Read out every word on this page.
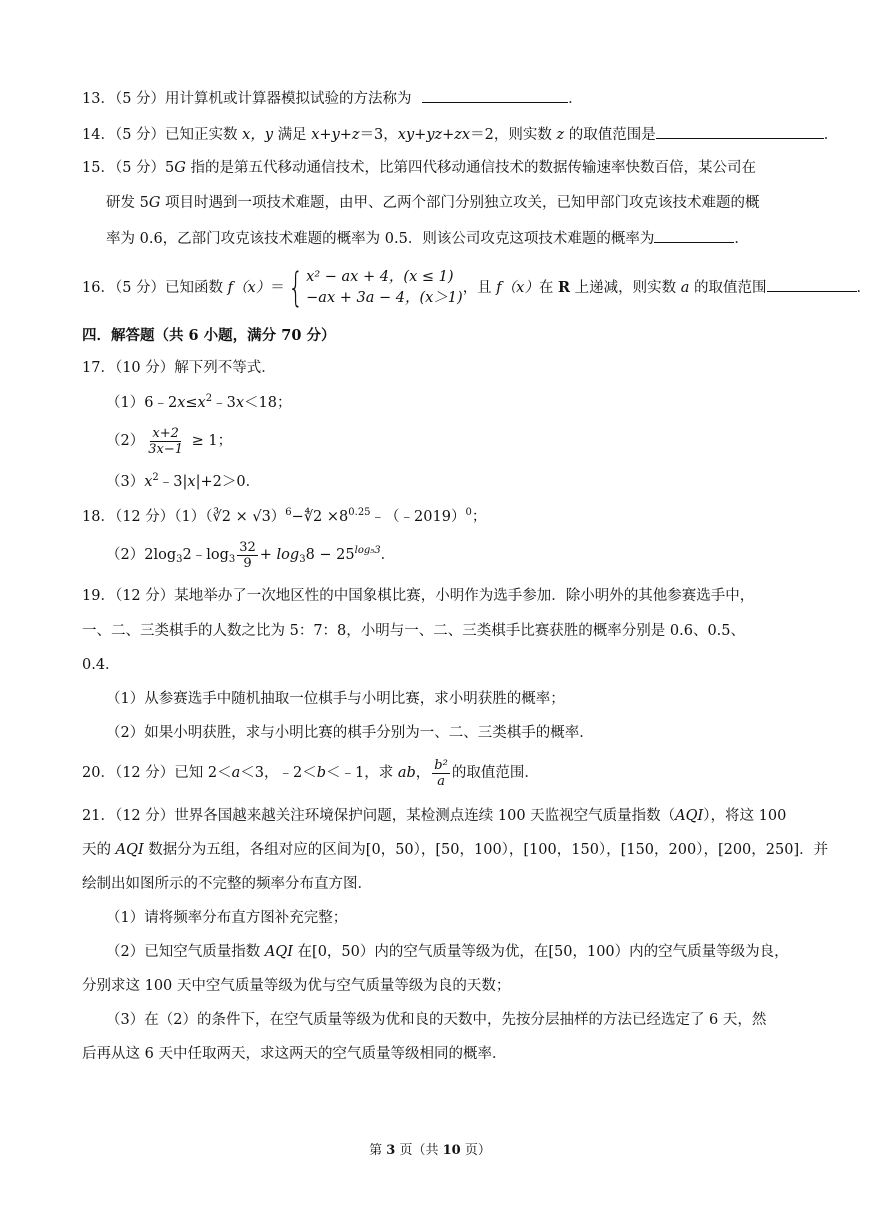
13．（5 分）用计算机或计算器模拟试验的方法称为	．
14．（5 分）已知正实数 x，y 满足 x+y+z＝3，xy+yz+zx＝2，则实数 z 的取值范围是	．
15．（5 分）5G 指的是第五代移动通信技术，比第四代移动通信技术的数据传输速率快数百倍，某公司在
研发 5G 项目时遇到一项技术难题，由甲、乙两个部门分别独立攻关，已知甲部门攻克该技术难题的概
率为 0.6，乙部门攻克该技术难题的概率为 0.5．则该公司攻克这项技术难题的概率为	．
16．（5 分）已知函数 f（x）＝{ x² − ax + 4，(x ≤ 1)
−ax + 3a − 4，(x＞1)
，且 f（x）在 R 上递减，则实数 a 的取值范围	．
四．解答题（共 6 小题，满分 70 分）
17．（10 分）解下列不等式．
$(1)6﹣2x\le x^2﹣3x<18$；
$(2) \frac{x+2}{3x-1} \ge 1$；
$(3)x^2﹣3|x|+2>0$．
18．（12 分）（1）（∛2 × √3）$^6$−∜2 $\times 8^{0.25}﹣(﹣2019)^0$；
$(2)2\log_32﹣\log_3 \frac{32}{9} + \log_38 - 25^{log_53}$．
19．（12 分）某地举办了一次地区性的中国象棋比赛，小明作为选手参加．除小明外的其他参赛选手中，
一、二、三类棋手的人数之比为 5：7：8，小明与一、二、三类棋手比赛获胜的概率分别是 0.6、0.5、
0.4．
（1）从参赛选手中随机抽取一位棋手与小明比赛，求小明获胜的概率；
（2）如果小明获胜，求与小明比赛的棋手分别为一、二、三类棋手的概率．
20．（12 分）已知 2＜a＜3，﹣2＜b＜﹣1，求 ab， $\frac{\text{b²}}{a}$ 的取值范围．
21．（12 分）世界各国越来越关注环境保护问题，某检测点连续 100 天监视空气质量指数（AQI），将这 100
天的 AQI 数据分为五组，各组对应的区间为[0，50），[50，100），[100，150），[150，200），[200，250]．并
绘制出如图所示的不完整的频率分布直方图．
（1）请将频率分布直方图补充完整；
（2）已知空气质量指数 AQI 在[0，50）内的空气质量等级为优，在[50，100）内的空气质量等级为良，
分别求这 100 天中空气质量等级为优与空气质量等级为良的天数；
（3）在（2）的条件下，在空气质量等级为优和良的天数中，先按分层抽样的方法已经选定了 6 天，然
后再从这 6 天中任取两天，求这两天的空气质量等级相同的概率．
第 3 页（共 10 页）
